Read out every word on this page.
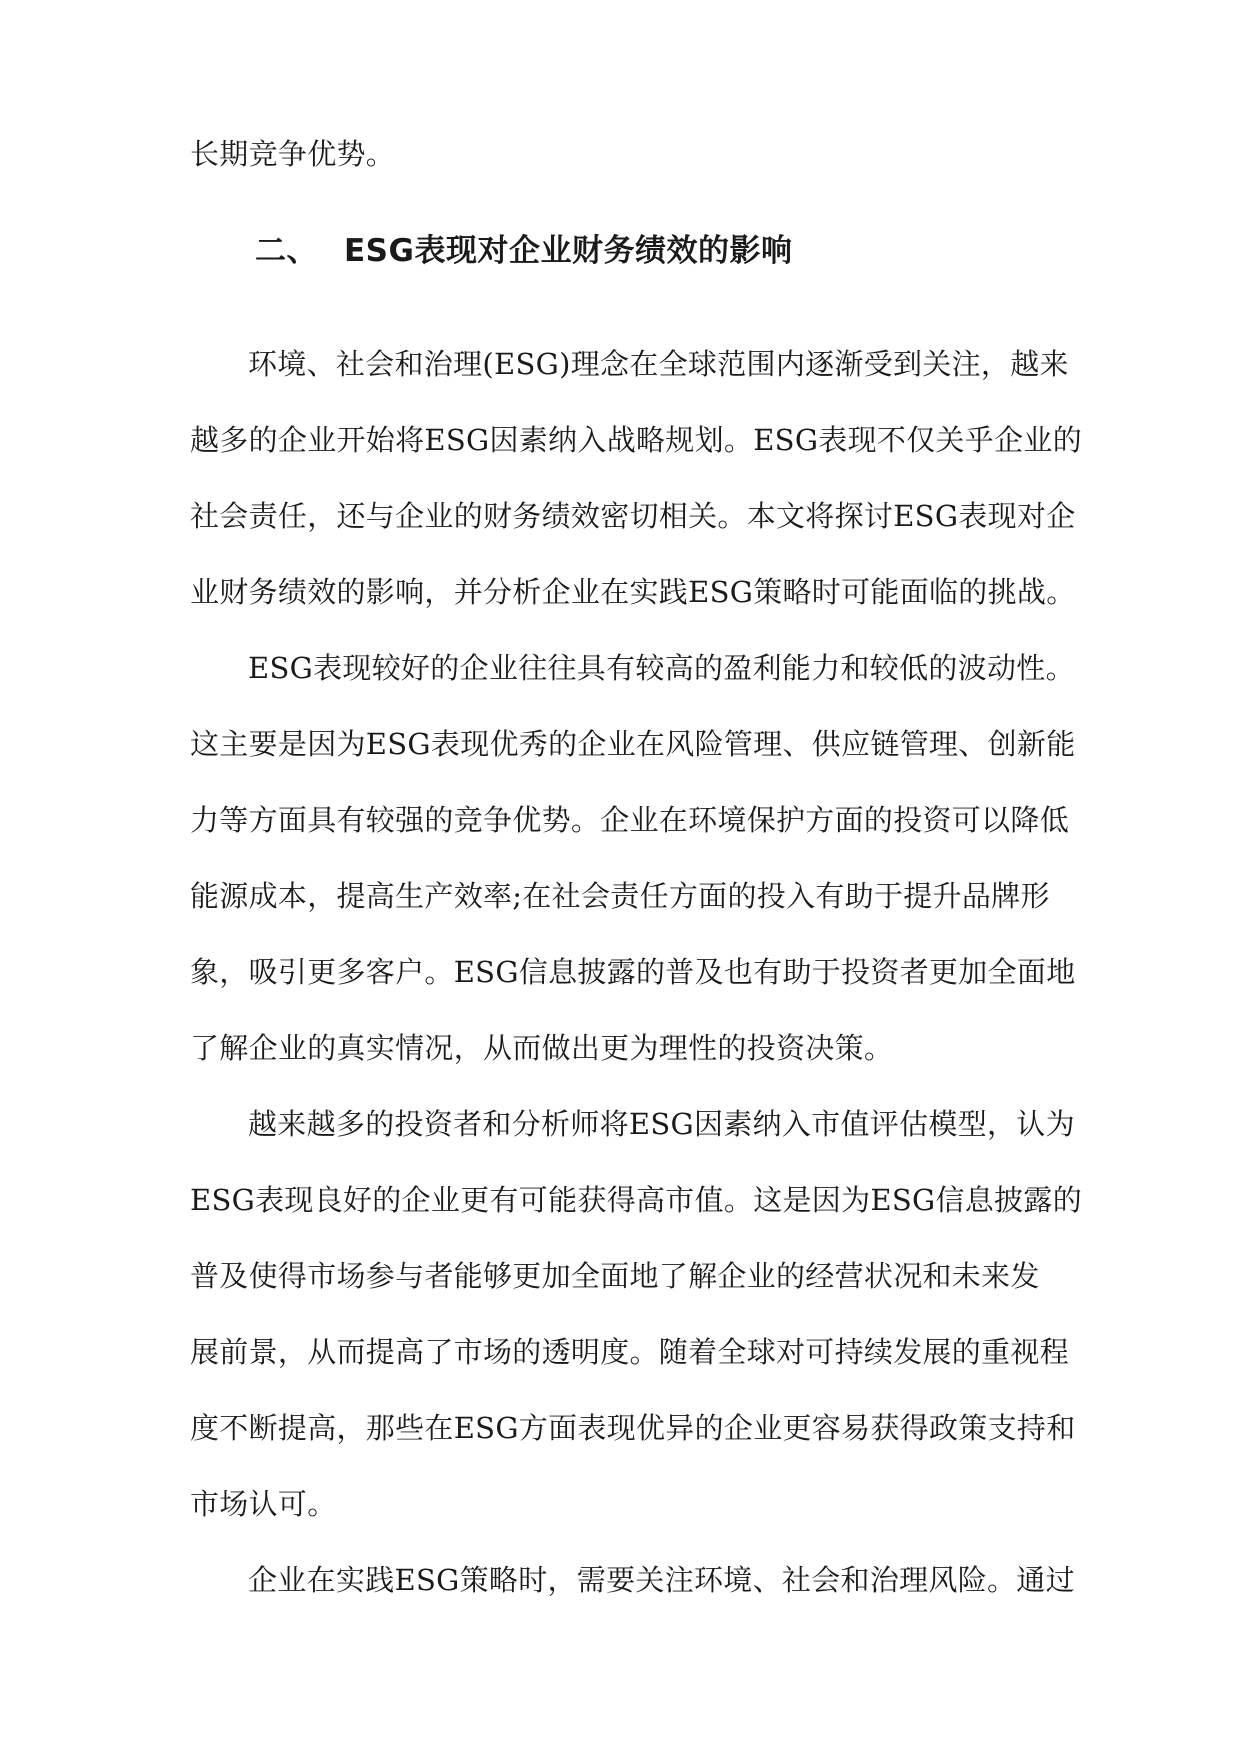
长期竞争优势。
二、 ESG表现对企业财务绩效的影响
环境、社会和治理(ESG)理念在全球范围内逐渐受到关注，越来
越多的企业开始将ESG因素纳入战略规划。ESG表现不仅关乎企业的
社会责任，还与企业的财务绩效密切相关。本文将探讨ESG表现对企
业财务绩效的影响，并分析企业在实践ESG策略时可能面临的挑战。
ESG表现较好的企业往往具有较高的盈利能力和较低的波动性。
这主要是因为ESG表现优秀的企业在风险管理、供应链管理、创新能
力等方面具有较强的竞争优势。企业在环境保护方面的投资可以降低
能源成本，提高生产效率;在社会责任方面的投入有助于提升品牌形
象，吸引更多客户。ESG信息披露的普及也有助于投资者更加全面地
了解企业的真实情况，从而做出更为理性的投资决策。
越来越多的投资者和分析师将ESG因素纳入市值评估模型，认为
ESG表现良好的企业更有可能获得高市值。这是因为ESG信息披露的
普及使得市场参与者能够更加全面地了解企业的经营状况和未来发
展前景，从而提高了市场的透明度。随着全球对可持续发展的重视程
度不断提高，那些在ESG方面表现优异的企业更容易获得政策支持和
市场认可。
企业在实践ESG策略时，需要关注环境、社会和治理风险。通过
